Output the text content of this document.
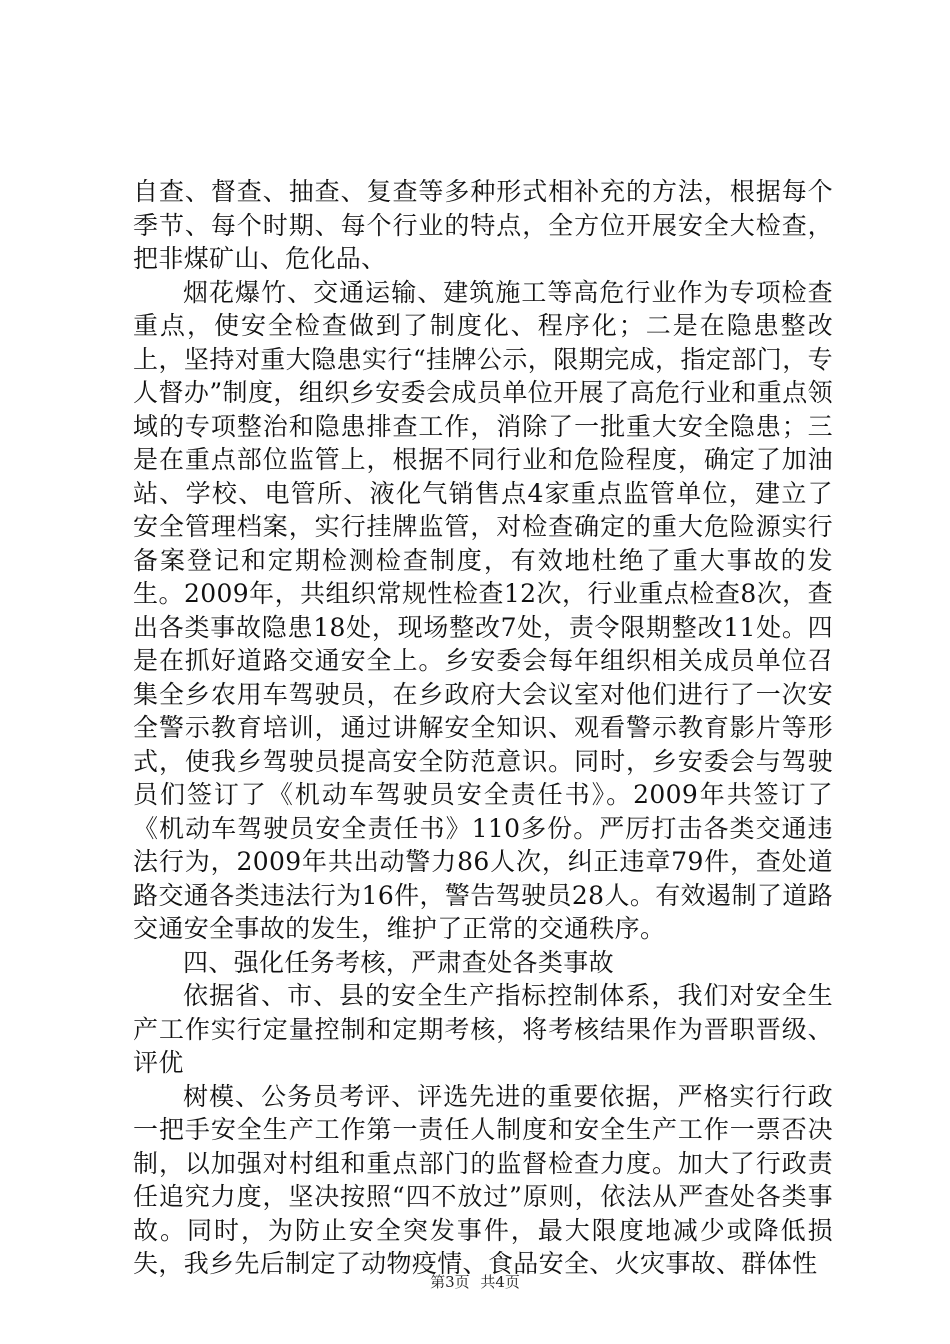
自查、督查、抽查、复查等多种形式相补充的方法，根据每个季节、每个时期、每个行业的特点，全方位开展安全大检查，把非煤矿山、危化品、

烟花爆竹、交通运输、建筑施工等高危行业作为专项检查重点，使安全检查做到了制度化、程序化；二是在隐患整改上，坚持对重大隐患实行“挂牌公示，限期完成，指定部门，专人督办”制度，组织乡安委会成员单位开展了高危行业和重点领域的专项整治和隐患排查工作，消除了一批重大安全隐患；三是在重点部位监管上，根据不同行业和危险程度，确定了加油站、学校、电管所、液化气销售点4家重点监管单位，建立了安全管理档案，实行挂牌监管，对检查确定的重大危险源实行备案登记和定期检测检查制度，有效地杜绝了重大事故的发生。2009年，共组织常规性检查12次，行业重点检查8次，查出各类事故隐患18处，现场整改7处，责令限期整改11处。四是在抓好道路交通安全上。乡安委会每年组织相关成员单位召集全乡农用车驾驶员，在乡政府大会议室对他们进行了一次安全警示教育培训，通过讲解安全知识、观看警示教育影片等形式，使我乡驾驶员提高安全防范意识。同时，乡安委会与驾驶员们签订了《机动车驾驶员安全责任书》。2009年共签订了《机动车驾驶员安全责任书》110多份。严厉打击各类交通违法行为，2009年共出动警力86人次，纠正违章79件，查处道路交通各类违法行为16件，警告驾驶员28人。有效遏制了道路交通安全事故的发生，维护了正常的交通秩序。

四、强化任务考核，严肃查处各类事故

依据省、市、县的安全生产指标控制体系，我们对安全生产工作实行定量控制和定期考核，将考核结果作为晋职晋级、评优

树模、公务员考评、评选先进的重要依据，严格实行行政一把手安全生产工作第一责任人制度和安全生产工作一票否决制，以加强对村组和重点部门的监督检查力度。加大了行政责任追究力度，坚决按照“四不放过”原则，依法从严查处各类事故。同时，为防止安全突发事件，最大限度地减少或降低损失，我乡先后制定了动物疫情、食品安全、火灾事故、群体性

第3页 共4页
